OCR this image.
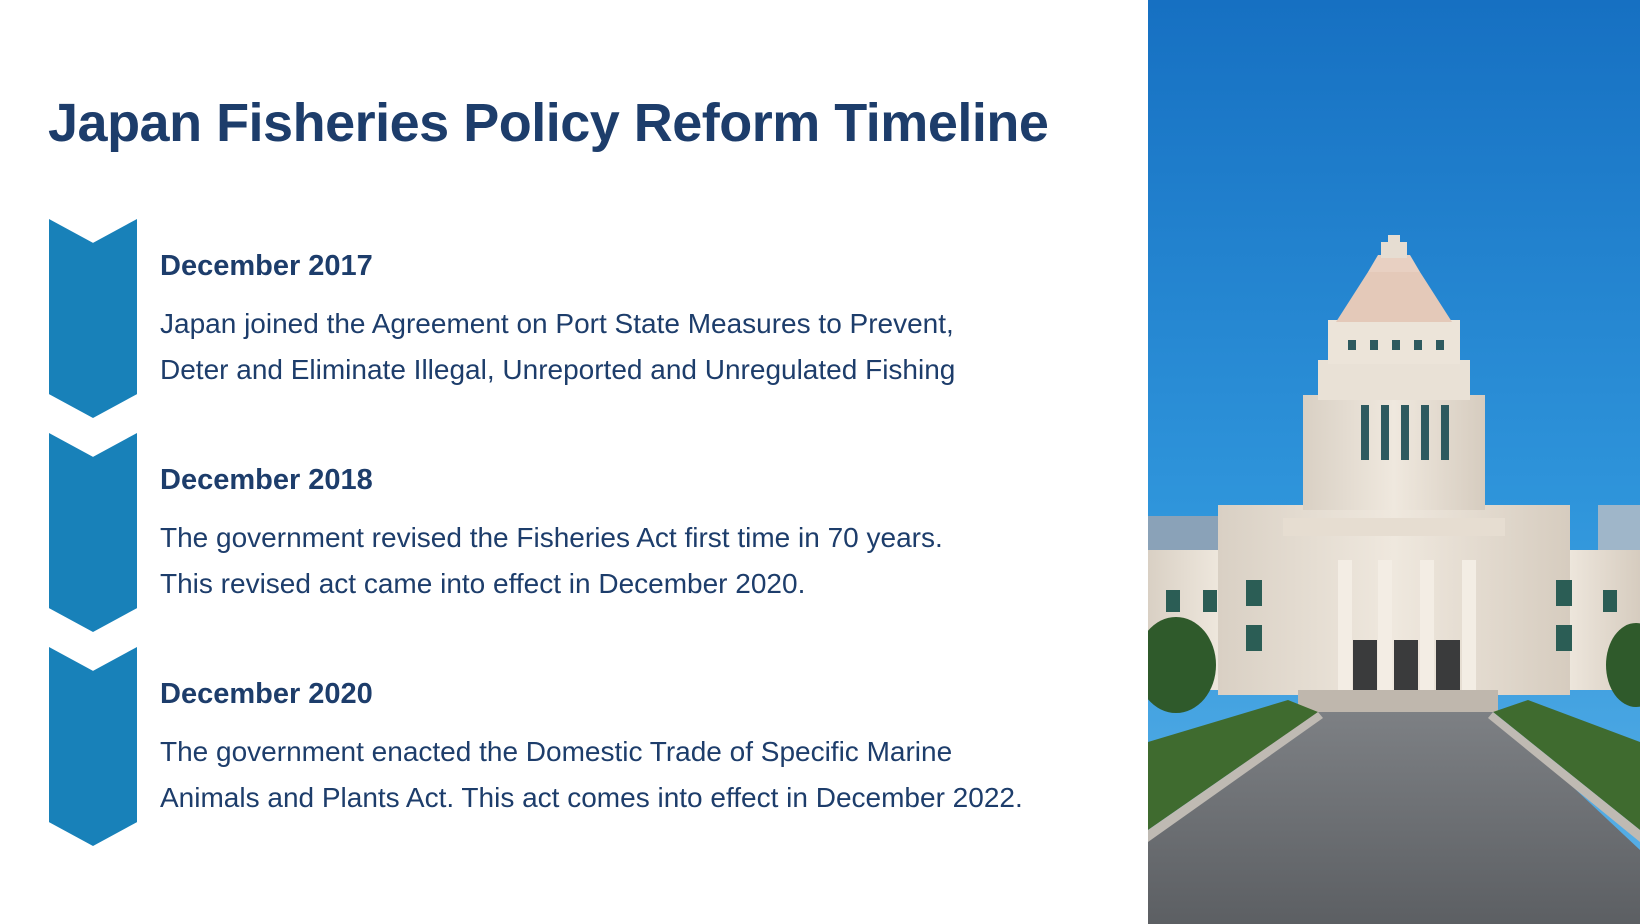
Japan Fisheries Policy Reform Timeline

December 2017

Japan joined the Agreement on Port State Measures to Prevent,
Deter and Eliminate Illegal, Unreported and Unregulated Fishing

December 2018

The government revised the Fisheries Act first time in 70 years.
This revised act came into effect in December 2020.

December 2020

The government enacted the Domestic Trade of Specific Marine
Animals and Plants Act. This act comes into effect in December 2022.
